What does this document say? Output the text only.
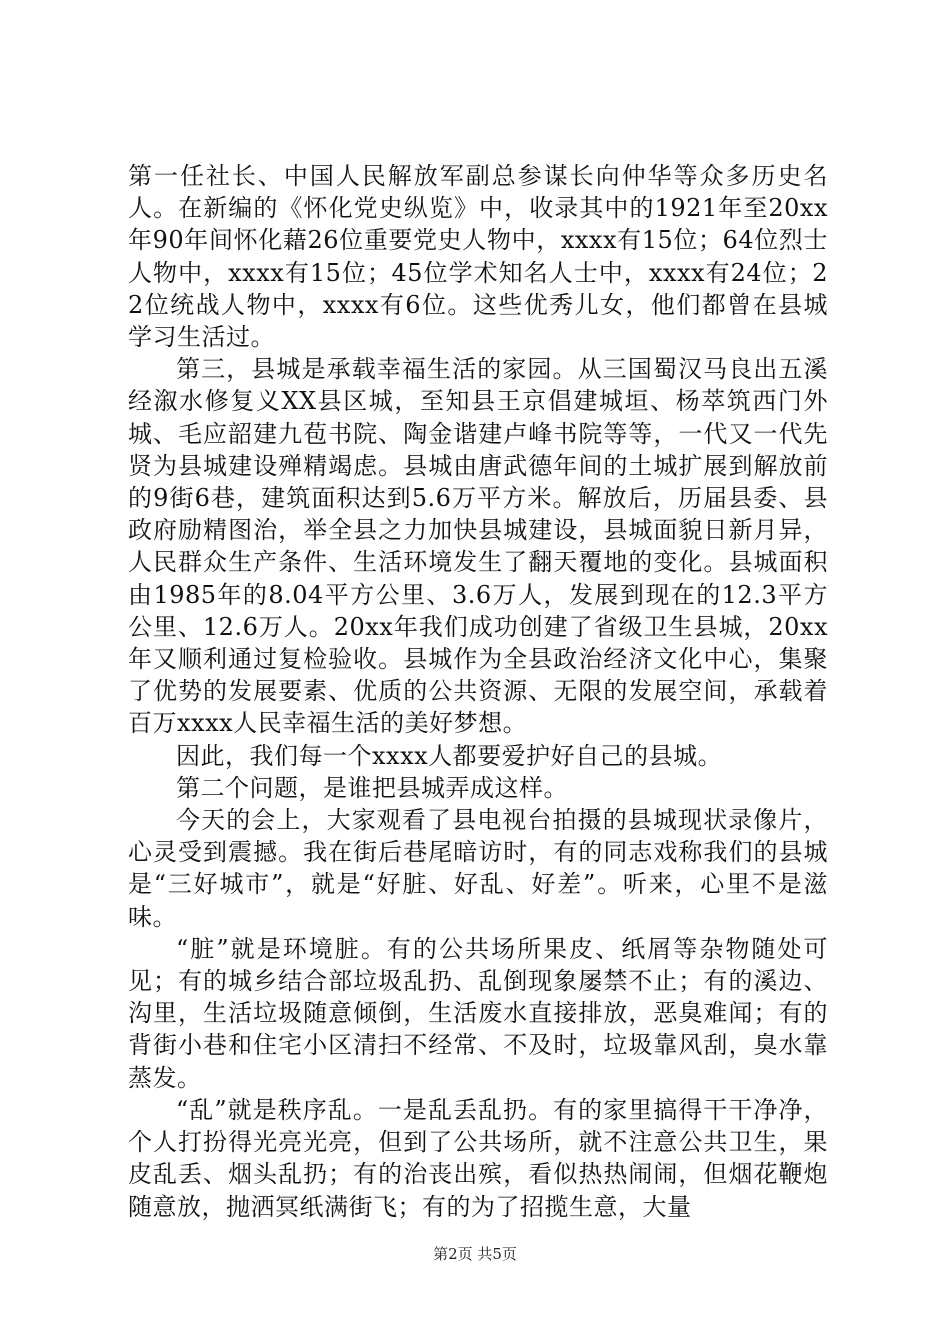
第一任社长、中国人民解放军副总参谋长向仲华等众多历史名人。在新编的《怀化党史纵览》中，收录其中的1921年至20xx年90年间怀化藉26位重要党史人物中，xxxx有15位；64位烈士人物中，xxxx有15位；45位学术知名人士中，xxxx有24位；22位统战人物中，xxxx有6位。这些优秀儿女，他们都曾在县城学习生活过。

第三，县城是承载幸福生活的家园。从三国蜀汉马良出五溪经溆水修复义XX县区城，至知县王京倡建城垣、杨萃筑西门外城、毛应韶建九苞书院、陶金谐建卢峰书院等等，一代又一代先贤为县城建设殚精竭虑。县城由唐武德年间的土城扩展到解放前的9街6巷，建筑面积达到5.6万平方米。解放后，历届县委、县政府励精图治，举全县之力加快县城建设，县城面貌日新月异，人民群众生产条件、生活环境发生了翻天覆地的变化。县城面积由1985年的8.04平方公里、3.6万人，发展到现在的12.3平方公里、12.6万人。20xx年我们成功创建了省级卫生县城，20xx年又顺利通过复检验收。县城作为全县政治经济文化中心，集聚了优势的发展要素、优质的公共资源、无限的发展空间，承载着百万xxxx人民幸福生活的美好梦想。

因此，我们每一个xxxx人都要爱护好自己的县城。

第二个问题，是谁把县城弄成这样。

今天的会上，大家观看了县电视台拍摄的县城现状录像片，心灵受到震撼。我在街后巷尾暗访时，有的同志戏称我们的县城是“三好城市”，就是“好脏、好乱、好差”。听来，心里不是滋味。

“脏”就是环境脏。有的公共场所果皮、纸屑等杂物随处可见；有的城乡结合部垃圾乱扔、乱倒现象屡禁不止；有的溪边、沟里，生活垃圾随意倾倒，生活废水直接排放，恶臭难闻；有的背街小巷和住宅小区清扫不经常、不及时，垃圾靠风刮，臭水靠蒸发。

“乱”就是秩序乱。一是乱丢乱扔。有的家里搞得干干净净，个人打扮得光亮光亮，但到了公共场所，就不注意公共卫生，果皮乱丢、烟头乱扔；有的治丧出殡，看似热热闹闹，但烟花鞭炮随意放，抛洒冥纸满街飞；有的为了招揽生意，大量

第2页 共5页
